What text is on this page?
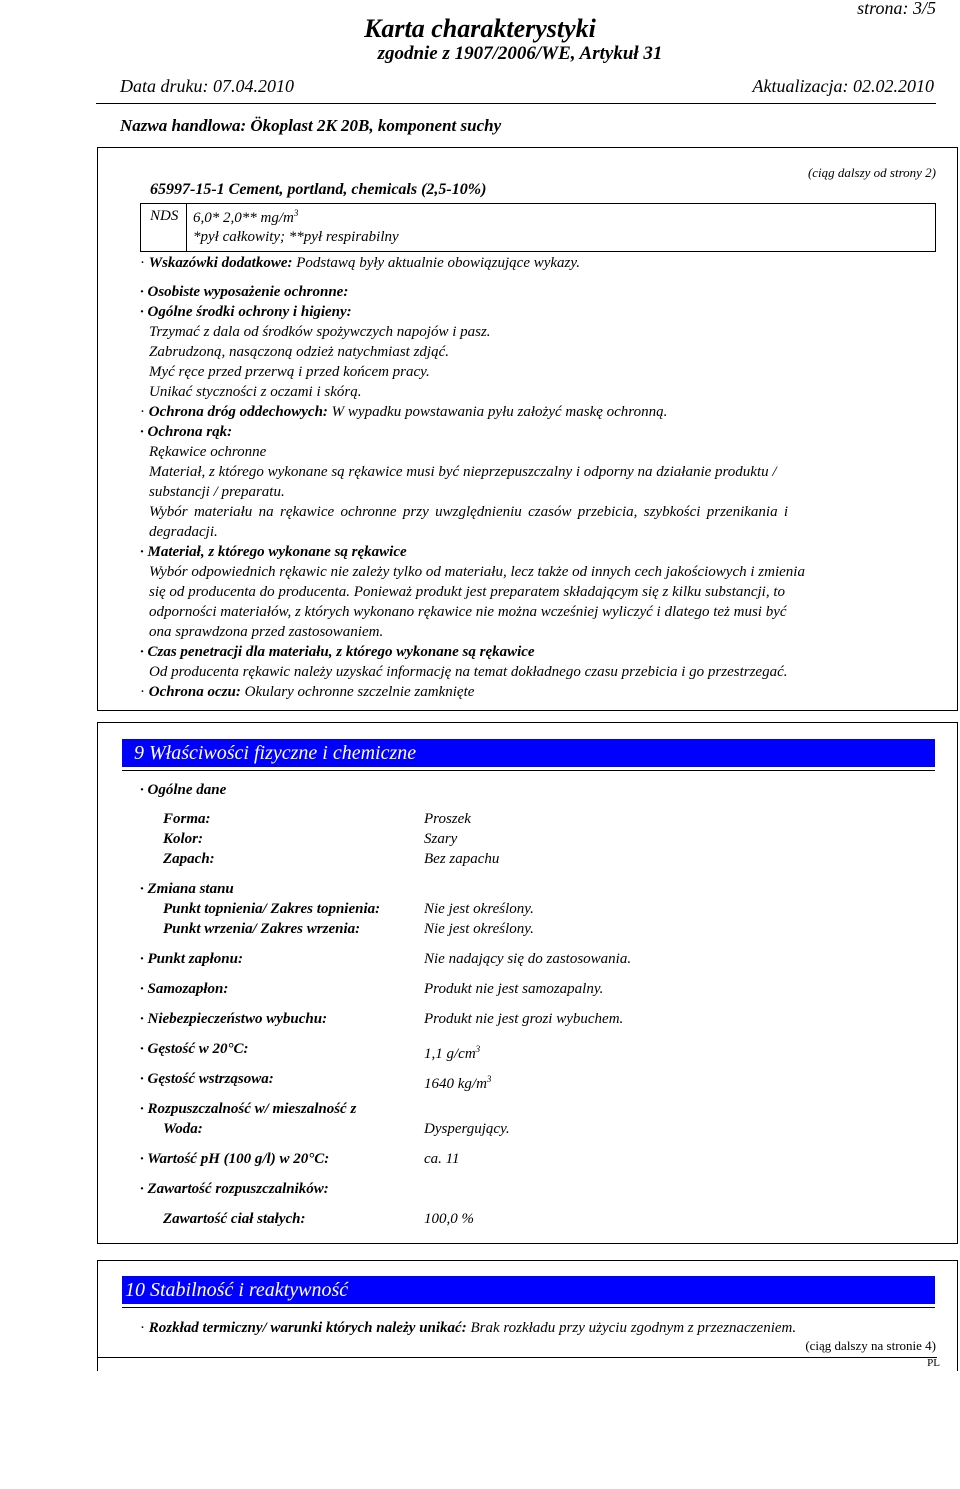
strona: 3/5
Karta charakterystyki
zgodnie z 1907/2006/WE, Artykuł 31
Data druku: 07.04.2010	Aktualizacja: 02.02.2010
Nazwa handlowa: Ökoplast 2K 20B, komponent suchy
(ciąg dalszy od strony 2)
65997-15-1 Cement, portland, chemicals (2,5-10%)
NDS 6,0* 2,0** $mg/m^3$
*pył całkowity; **pył respirabilny
· Wskazówki dodatkowe: Podstawą były aktualnie obowiązujące wykazy.
· Osobiste wyposażenie ochronne:
· Ogólne środki ochrony i higieny:
Trzymać z dala od środków spożywczych napojów i pasz.
Zabrudzoną, nasączoną odzież natychmiast zdjąć.
Myć ręce przed przerwą i przed końcem pracy.
Unikać styczności z oczami i skórą.
· Ochrona dróg oddechowych: W wypadku powstawania pyłu założyć maskę ochronną.
· Ochrona rąk:
Rękawice ochronne
Materiał, z którego wykonane są rękawice musi być nieprzepuszczalny i odporny na działanie produktu /
substancji / preparatu.
Wybór materiału na rękawice ochronne przy uwzględnieniu czasów przebicia, szybkości przenikania i
degradacji.
· Materiał, z którego wykonane są rękawice
Wybór odpowiednich rękawic nie zależy tylko od materiału, lecz także od innych cech jakościowych i zmienia
się od producenta do producenta. Ponieważ produkt jest preparatem składającym się z kilku substancji, to
odporności materiałów, z których wykonano rękawice nie można wcześniej wyliczyć i dlatego też musi być
ona sprawdzona przed zastosowaniem.
· Czas penetracji dla materiału, z którego wykonane są rękawice
Od producenta rękawic należy uzyskać informację na temat dokładnego czasu przebicia i go przestrzegać.
· Ochrona oczu: Okulary ochronne szczelnie zamknięte
9 Właściwości fizyczne i chemiczne
· Ogólne dane
Forma:	Proszek
Kolor:	Szary
Zapach:	Bez zapachu
· Zmiana stanu
Punkt topnienia/ Zakres topnienia:	Nie jest określony.
Punkt wrzenia/ Zakres wrzenia:	Nie jest określony.
· Punkt zapłonu:	Nie nadający się do zastosowania.
· Samozapłon:	Produkt nie jest samozapalny.
· Niebezpieczeństwo wybuchu:	Produkt nie jest grozi wybuchem.
· Gęstość w 20°C:	1,1 $g/cm^3$
· Gęstość wstrząsowa:	1640 $kg/m^3$
· Rozpuszczalność w/ mieszalność z
Woda:	Dyspergujący.
· Wartość pH (100 g/l) w 20°C:	ca. 11
· Zawartość rozpuszczalników:
Zawartość ciał stałych:	100,0 %
10 Stabilność i reaktywność
· Rozkład termiczny/ warunki których należy unikać: Brak rozkładu przy użyciu zgodnym z przeznaczeniem.
(ciąg dalszy na stronie 4)
PL
